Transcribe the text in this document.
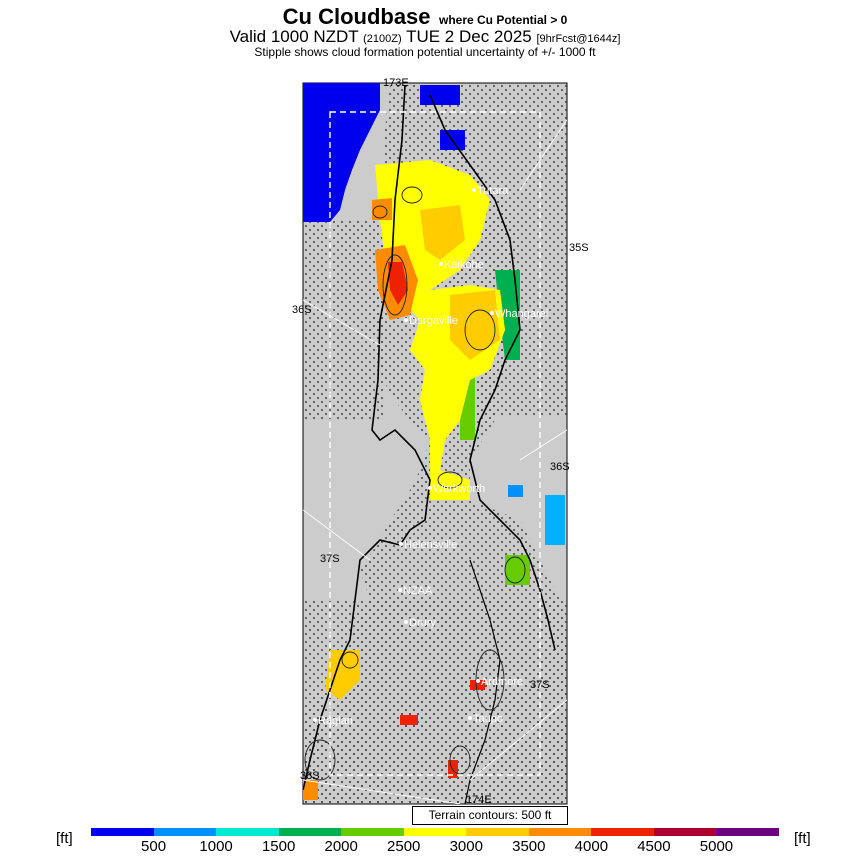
Cu Cloudbase where Cu Potential > 0
Valid 1000 NZDT (2100Z) TUE 2 Dec 2025 [9hrFcst@1644z]
Stipple shows cloud formation potential uncertainty of +/- 1000 ft
Tutara
Kaikohe
Dargaville
Whangarei
Warkworth
Helensville
NZAA
Drury
Ardmore
Raglan	Taupo
173E
174E
35S
36S
36S
37S
37S
38S
Terrain contours: 500 ft
[ft]	[ft]
500 1000 1500 2000 2500 3000 3500 4000 4500 5000
